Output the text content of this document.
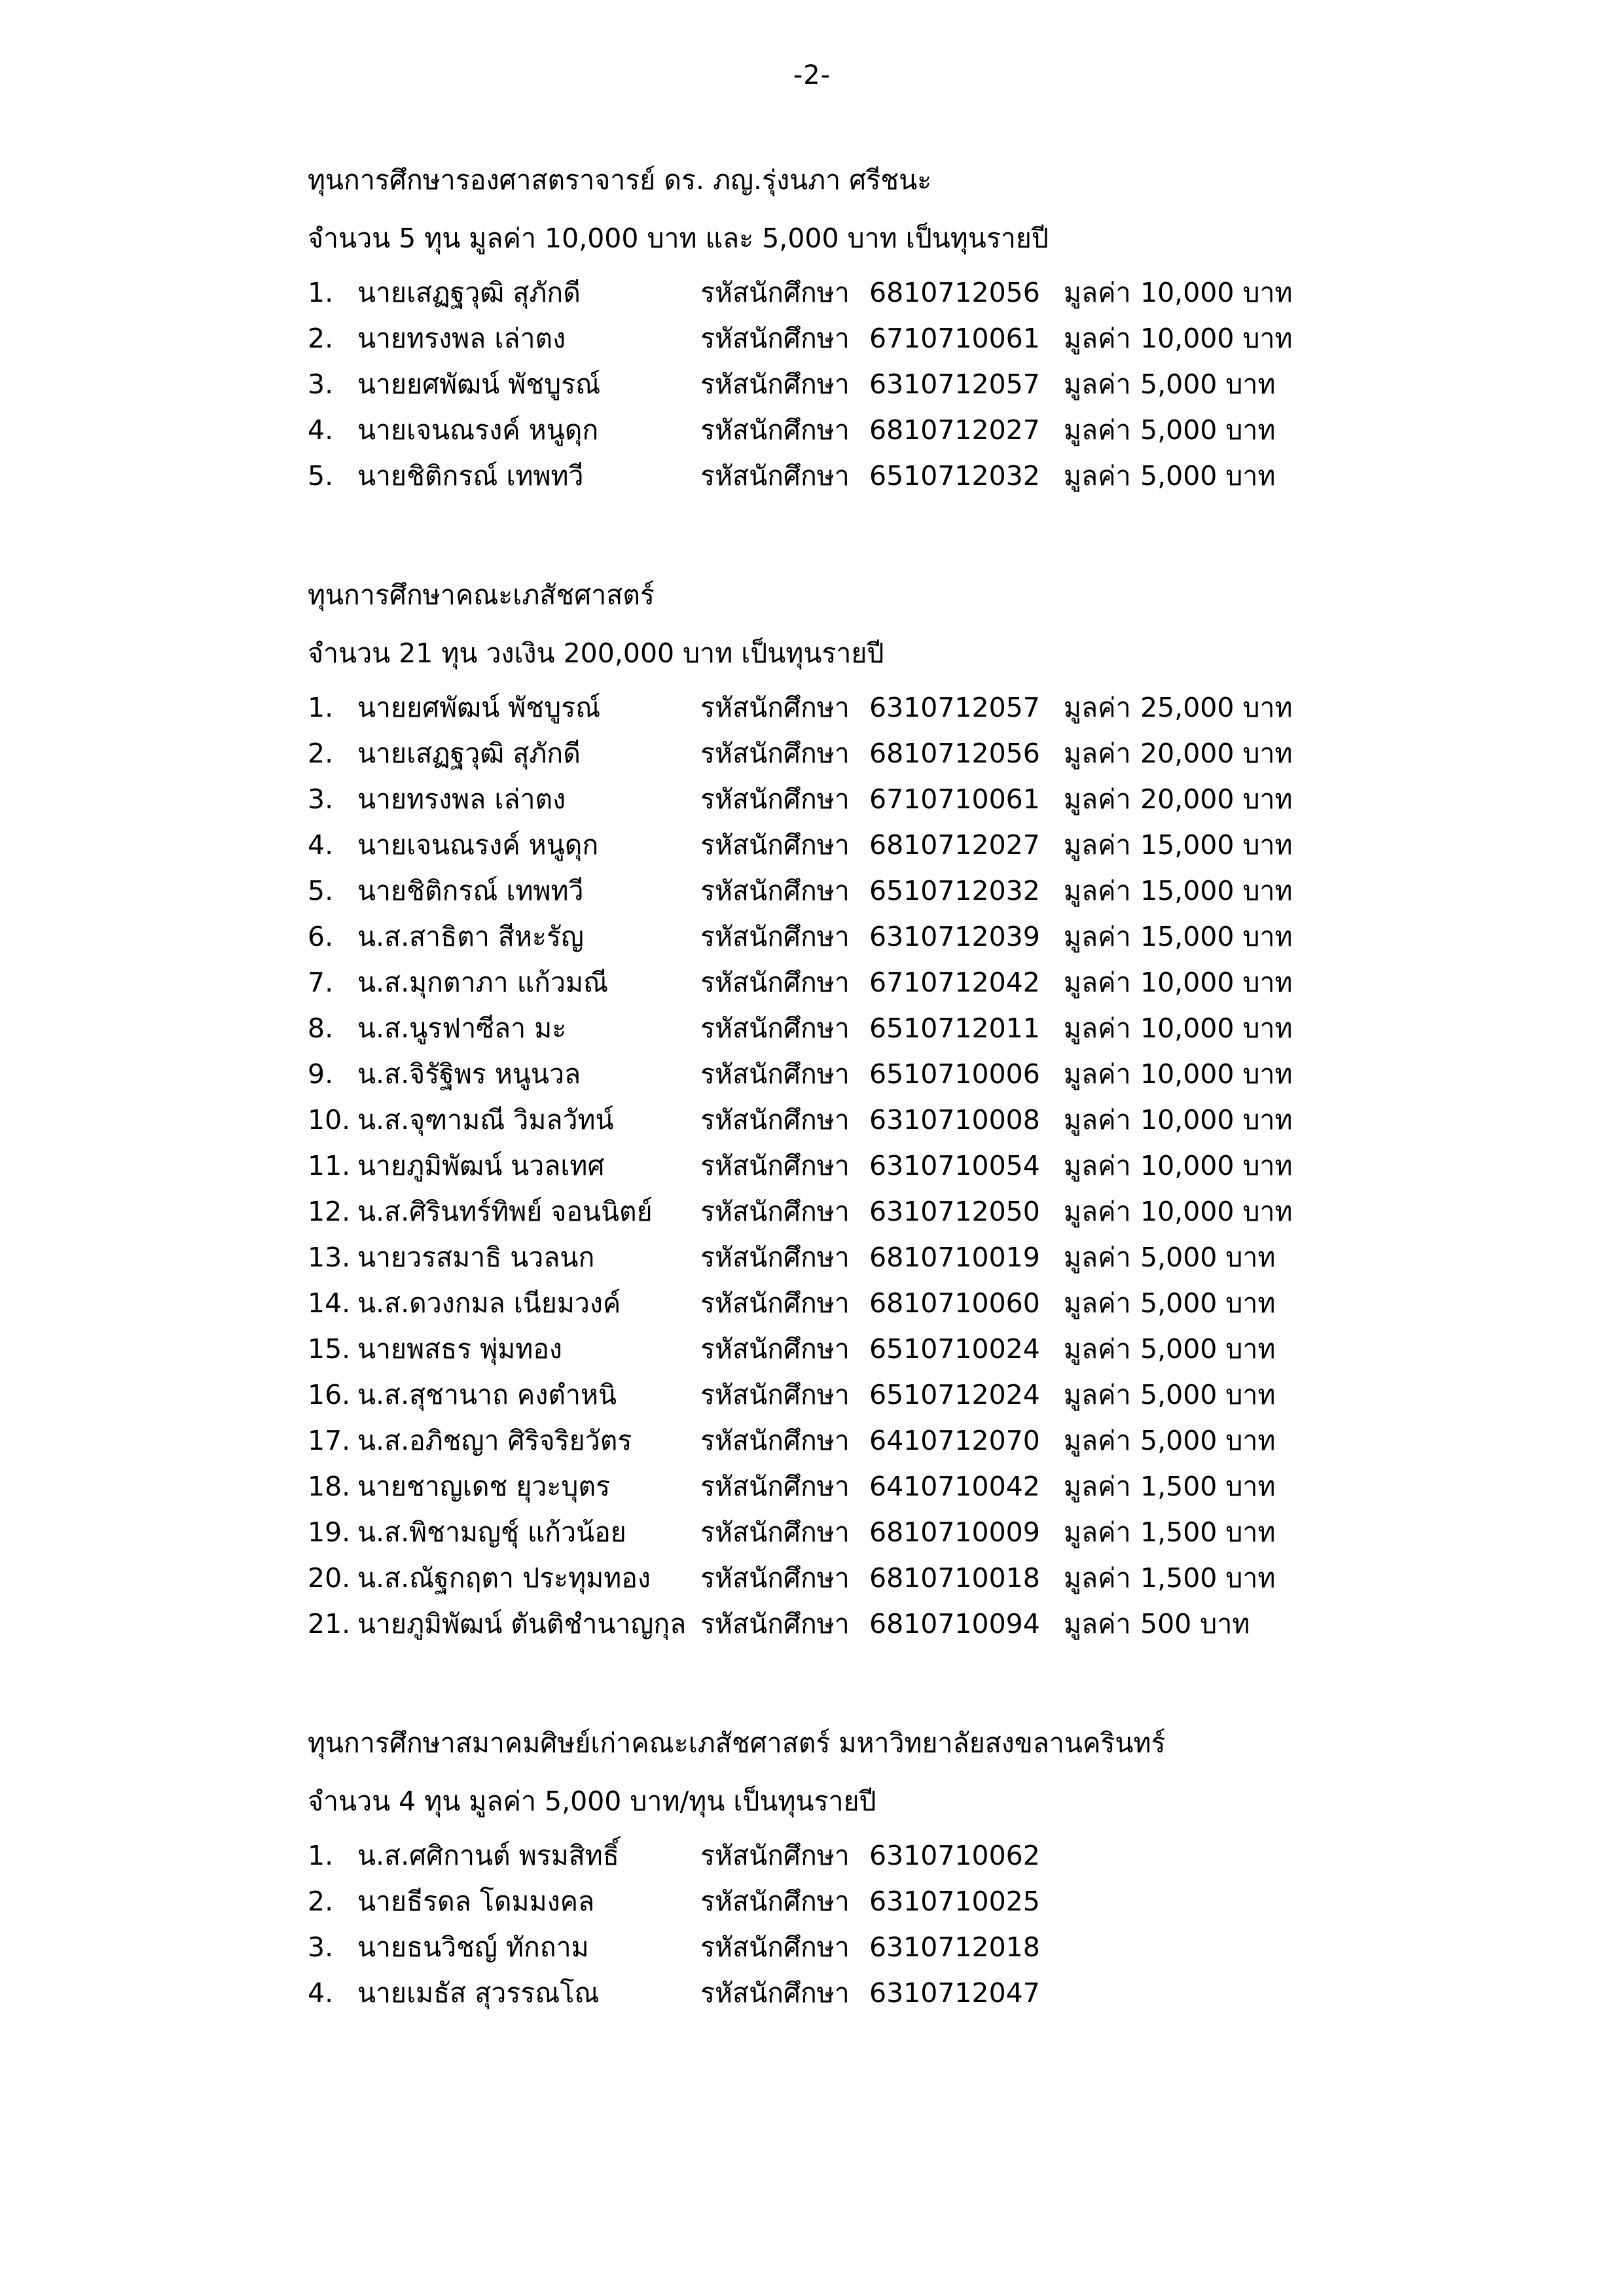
-2-
ทุนการศึกษารองศาสตราจารย์ ดร. ภญ.รุ่งนภา ศรีชนะ
จำนวน 5 ทุน มูลค่า 10,000 บาท และ 5,000 บาท เป็นทุนรายปี
1. นายเสฏฐวุฒิ สุภักดี	รหัสนักศึกษา 6810712056 มูลค่า 10,000 บาท
2. นายทรงพล เล่าตง	รหัสนักศึกษา 6710710061 มูลค่า 10,000 บาท
3. นายยศพัฒน์ พัชบูรณ์	รหัสนักศึกษา 6310712057 มูลค่า 5,000 บาท
4. นายเจนณรงค์ หนูดุก	รหัสนักศึกษา 6810712027 มูลค่า 5,000 บาท
5. นายชิติกรณ์ เทพทวี	รหัสนักศึกษา 6510712032 มูลค่า 5,000 บาท
ทุนการศึกษาคณะเภสัชศาสตร์
จำนวน 21 ทุน วงเงิน 200,000 บาท เป็นทุนรายปี
1. นายยศพัฒน์ พัชบูรณ์	รหัสนักศึกษา 6310712057 มูลค่า 25,000 บาท
2. นายเสฏฐวุฒิ สุภักดี	รหัสนักศึกษา 6810712056 มูลค่า 20,000 บาท
3. นายทรงพล เล่าตง	รหัสนักศึกษา 6710710061 มูลค่า 20,000 บาท
4. นายเจนณรงค์ หนูดุก	รหัสนักศึกษา 6810712027 มูลค่า 15,000 บาท
5. นายชิติกรณ์ เทพทวี	รหัสนักศึกษา 6510712032 มูลค่า 15,000 บาท
6. น.ส.สาธิตา สีหะรัญ	รหัสนักศึกษา 6310712039 มูลค่า 15,000 บาท
7. น.ส.มุกตาภา แก้วมณี	รหัสนักศึกษา 6710712042 มูลค่า 10,000 บาท
8. น.ส.นูรฟาซีลา มะ	รหัสนักศึกษา 6510712011 มูลค่า 10,000 บาท
9. น.ส.จิรัฐิพร หนูนวล	รหัสนักศึกษา 6510710006 มูลค่า 10,000 บาท
10. น.ส.จุฑามณี วิมลวัทน์	รหัสนักศึกษา 6310710008 มูลค่า 10,000 บาท
11. นายภูมิพัฒน์ นวลเทศ	รหัสนักศึกษา 6310710054 มูลค่า 10,000 บาท
12. น.ส.ศิรินทร์ทิพย์ จอนนิตย์ รหัสนักศึกษา 6310712050 มูลค่า 10,000 บาท
13. นายวรสมาธิ นวลนก	รหัสนักศึกษา 6810710019 มูลค่า 5,000 บาท
14. น.ส.ดวงกมล เนียมวงค์	รหัสนักศึกษา 6810710060 มูลค่า 5,000 บาท
15. นายพสธร พุ่มทอง	รหัสนักศึกษา 6510710024 มูลค่า 5,000 บาท
16. น.ส.สุชานาถ คงตำหนิ	รหัสนักศึกษา 6510712024 มูลค่า 5,000 บาท
17. น.ส.อภิชญา ศิริจริยวัตร	รหัสนักศึกษา 6410712070 มูลค่า 5,000 บาท
18. นายชาญเดช ยุวะบุตร	รหัสนักศึกษา 6410710042 มูลค่า 1,500 บาท
19. น.ส.พิชามญชุ์ แก้วน้อย	รหัสนักศึกษา 6810710009 มูลค่า 1,500 บาท
20. น.ส.ณัฐกฤตา ประทุมทอง รหัสนักศึกษา 6810710018 มูลค่า 1,500 บาท
21. นายภูมิพัฒน์ ตันติชำนาญกุล รหัสนักศึกษา 6810710094 มูลค่า 500 บาท
ทุนการศึกษาสมาคมศิษย์เก่าคณะเภสัชศาสตร์ มหาวิทยาลัยสงขลานครินทร์
จำนวน 4 ทุน มูลค่า 5,000 บาท/ทุน เป็นทุนรายปี
1. น.ส.ศศิกานต์ พรมสิทธิ์	รหัสนักศึกษา 6310710062
2. นายธีรดล โดมมงคล	รหัสนักศึกษา 6310710025
3. นายธนวิชญ์ ทักถาม	รหัสนักศึกษา 6310712018
4. นายเมธัส สุวรรณโณ	รหัสนักศึกษา 6310712047
